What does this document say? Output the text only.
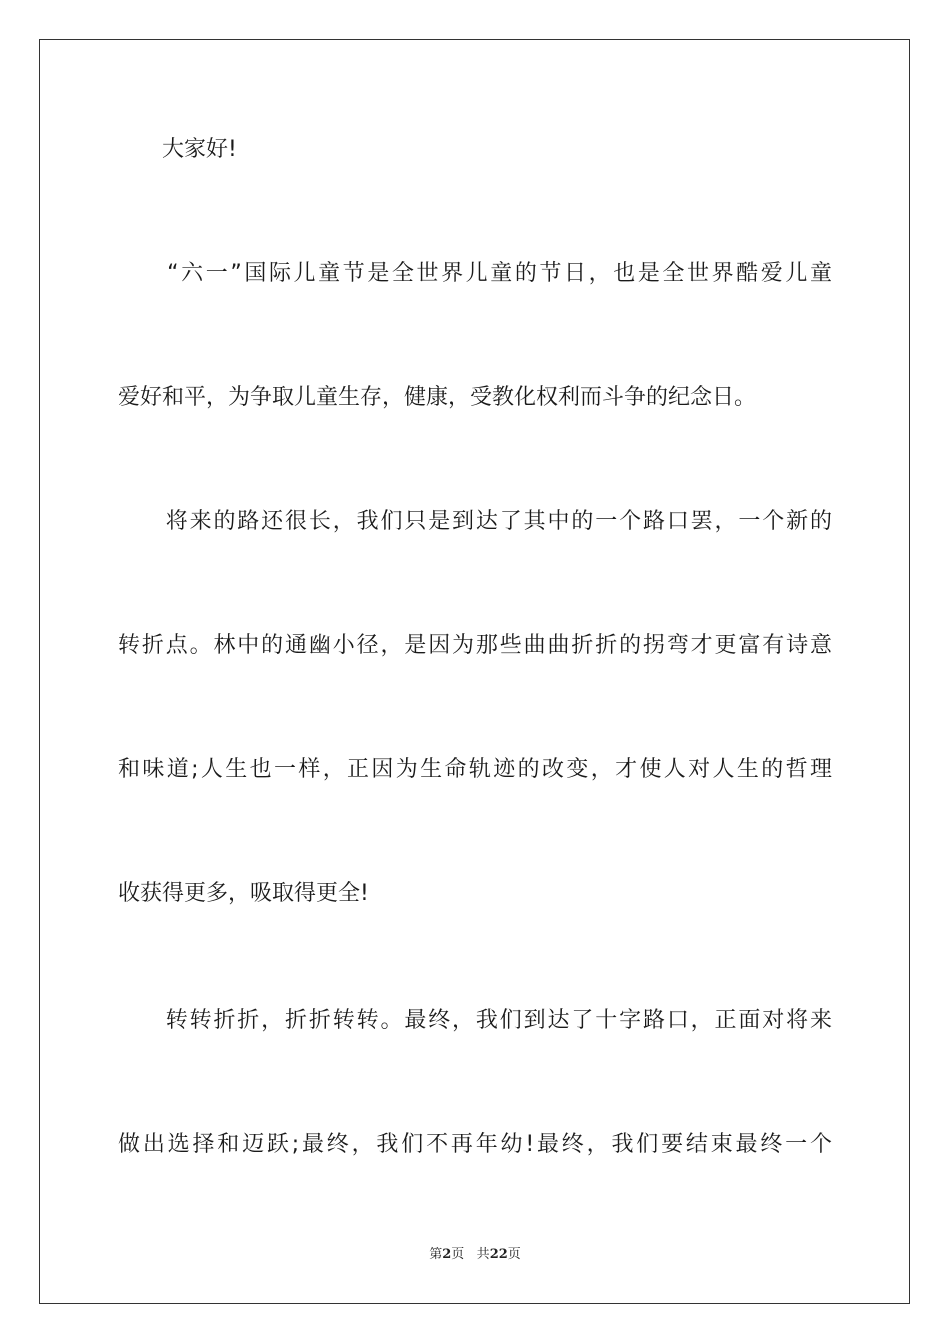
　　大家好!
　　“六一”国际儿童节是全世界儿童的节日，也是全世界酷爱儿童
爱好和平，为争取儿童生存，健康，受教化权利而斗争的纪念日。
　　将来的路还很长，我们只是到达了其中的一个路口罢，一个新的
转折点。林中的通幽小径，是因为那些曲曲折折的拐弯才更富有诗意
和味道;人生也一样，正因为生命轨迹的改变，才使人对人生的哲理
收获得更多，吸取得更全!
　　转转折折，折折转转。最终，我们到达了十字路口，正面对将来
做出选择和迈跃;最终，我们不再年幼!最终，我们要结束最终一个
第2页 共22页
